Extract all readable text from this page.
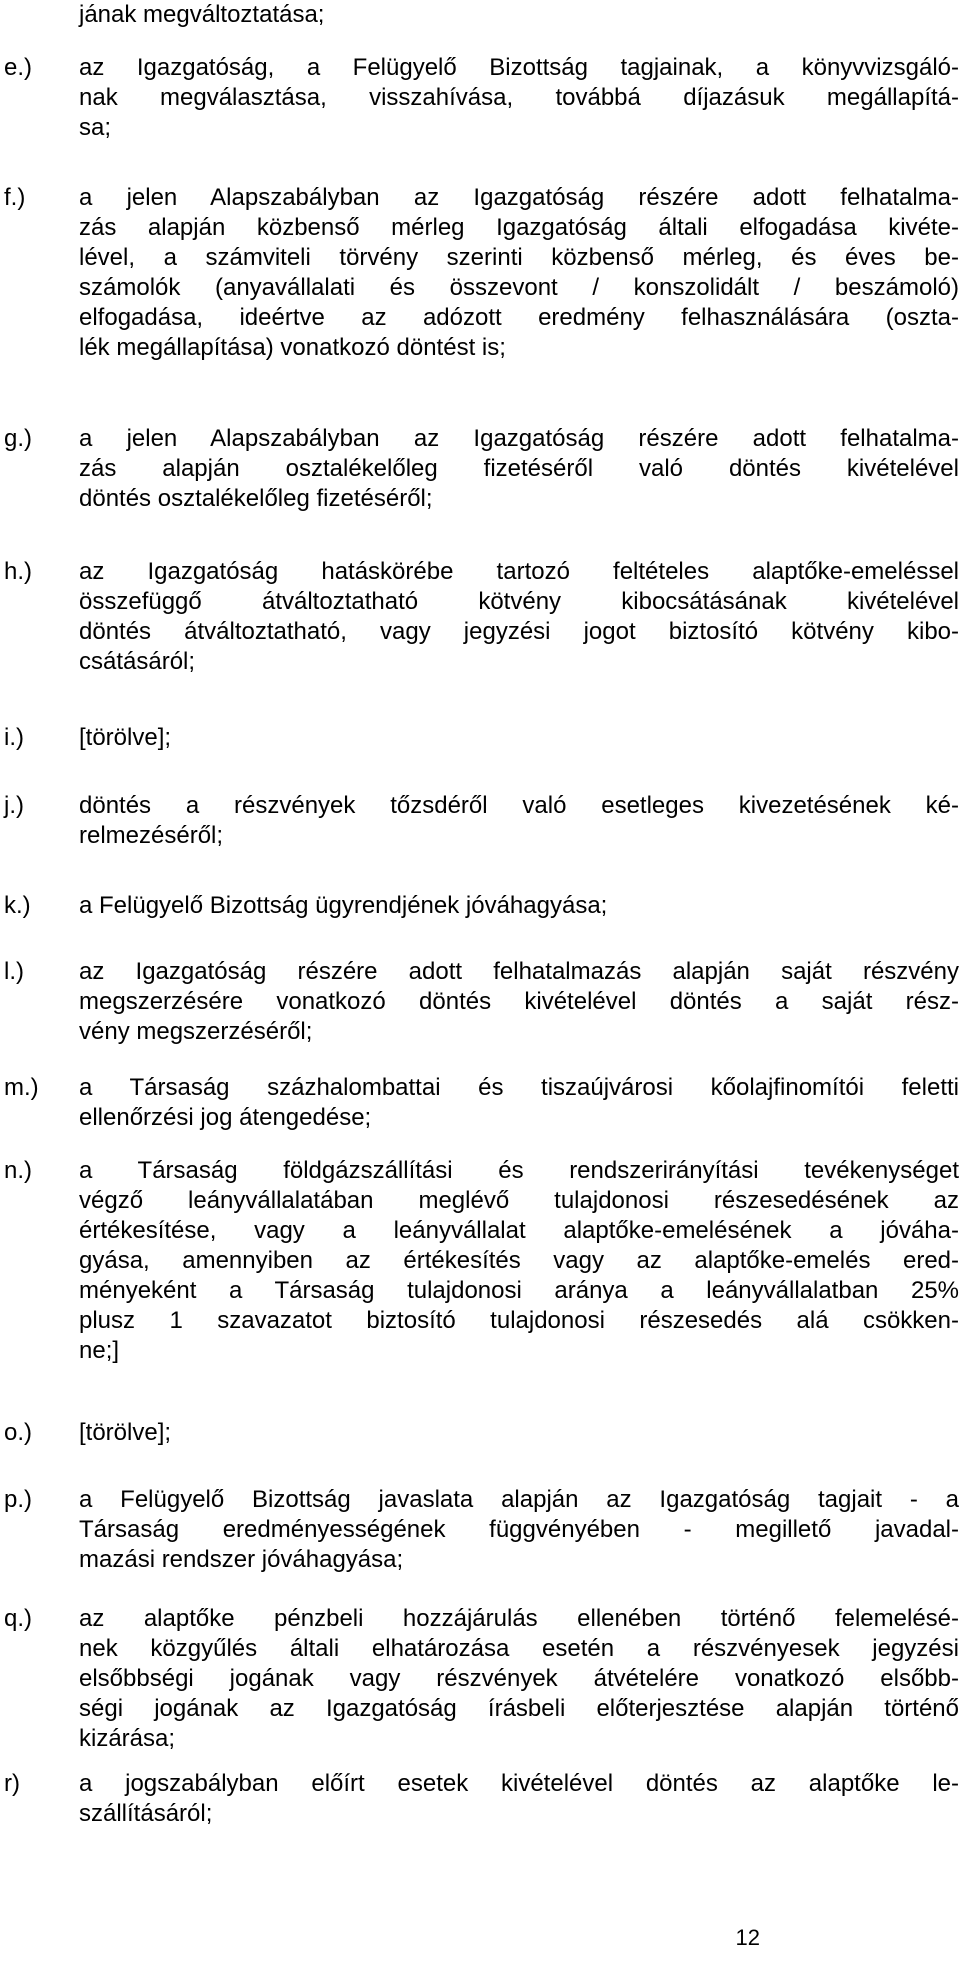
jának megváltoztatása;
e.) az Igazgatóság, a Felügyelő Bizottság tagjainak, a könyvvizsgáló-
nak megválasztása, visszahívása, továbbá díjazásuk megállapítá-
sa;
f.) a jelen Alapszabályban az Igazgatóság részére adott felhatalma-
zás alapján közbenső mérleg Igazgatóság általi elfogadása kivéte-
lével, a számviteli törvény szerinti közbenső mérleg, és éves be-
számolók (anyavállalati és összevont / konszolidált / beszámoló)
elfogadása, ideértve az adózott eredmény felhasználására (oszta-
lék megállapítása) vonatkozó döntést is;
g.) a jelen Alapszabályban az Igazgatóság részére adott felhatalma-
zás alapján osztalékelőleg fizetéséről való döntés kivételével
döntés osztalékelőleg fizetéséről;
h.) az Igazgatóság hatáskörébe tartozó feltételes alaptőke-emeléssel
összefüggő átváltoztatható kötvény kibocsátásának kivételével
döntés átváltoztatható, vagy jegyzési jogot biztosító kötvény kibo-
csátásáról;
i.) [törölve];
j.) döntés a részvények tőzsdéről való esetleges kivezetésének ké-
relmezéséről;
k.) a Felügyelő Bizottság ügyrendjének jóváhagyása;
l.) az Igazgatóság részére adott felhatalmazás alapján saját részvény
megszerzésére vonatkozó döntés kivételével döntés a saját rész-
vény megszerzéséről;
m.) a Társaság százhalombattai és tiszaújvárosi kőolajfinomítói feletti
ellenőrzési jog átengedése;
n.) a Társaság földgázszállítási és rendszerirányítási tevékenységet
végző leányvállalatában meglévő tulajdonosi részesedésének az
értékesítése, vagy a leányvállalat alaptőke-emelésének a jóváha-
gyása, amennyiben az értékesítés vagy az alaptőke-emelés ered-
ményeként a Társaság tulajdonosi aránya a leányvállalatban 25%
plusz 1 szavazatot biztosító tulajdonosi részesedés alá csökken-
ne;]
o.) [törölve];
p.) a Felügyelő Bizottság javaslata alapján az Igazgatóság tagjait - a
Társaság eredményességének függvényében - megillető javadal-
mazási rendszer jóváhagyása;
q.) az alaptőke pénzbeli hozzájárulás ellenében történő felemelésé-
nek közgyűlés általi elhatározása esetén a részvényesek jegyzési
elsőbbségi jogának vagy részvények átvételére vonatkozó elsőbb-
ségi jogának az Igazgatóság írásbeli előterjesztése alapján történő
kizárása;
r) a jogszabályban előírt esetek kivételével döntés az alaptőke le-
szállításáról;
12
